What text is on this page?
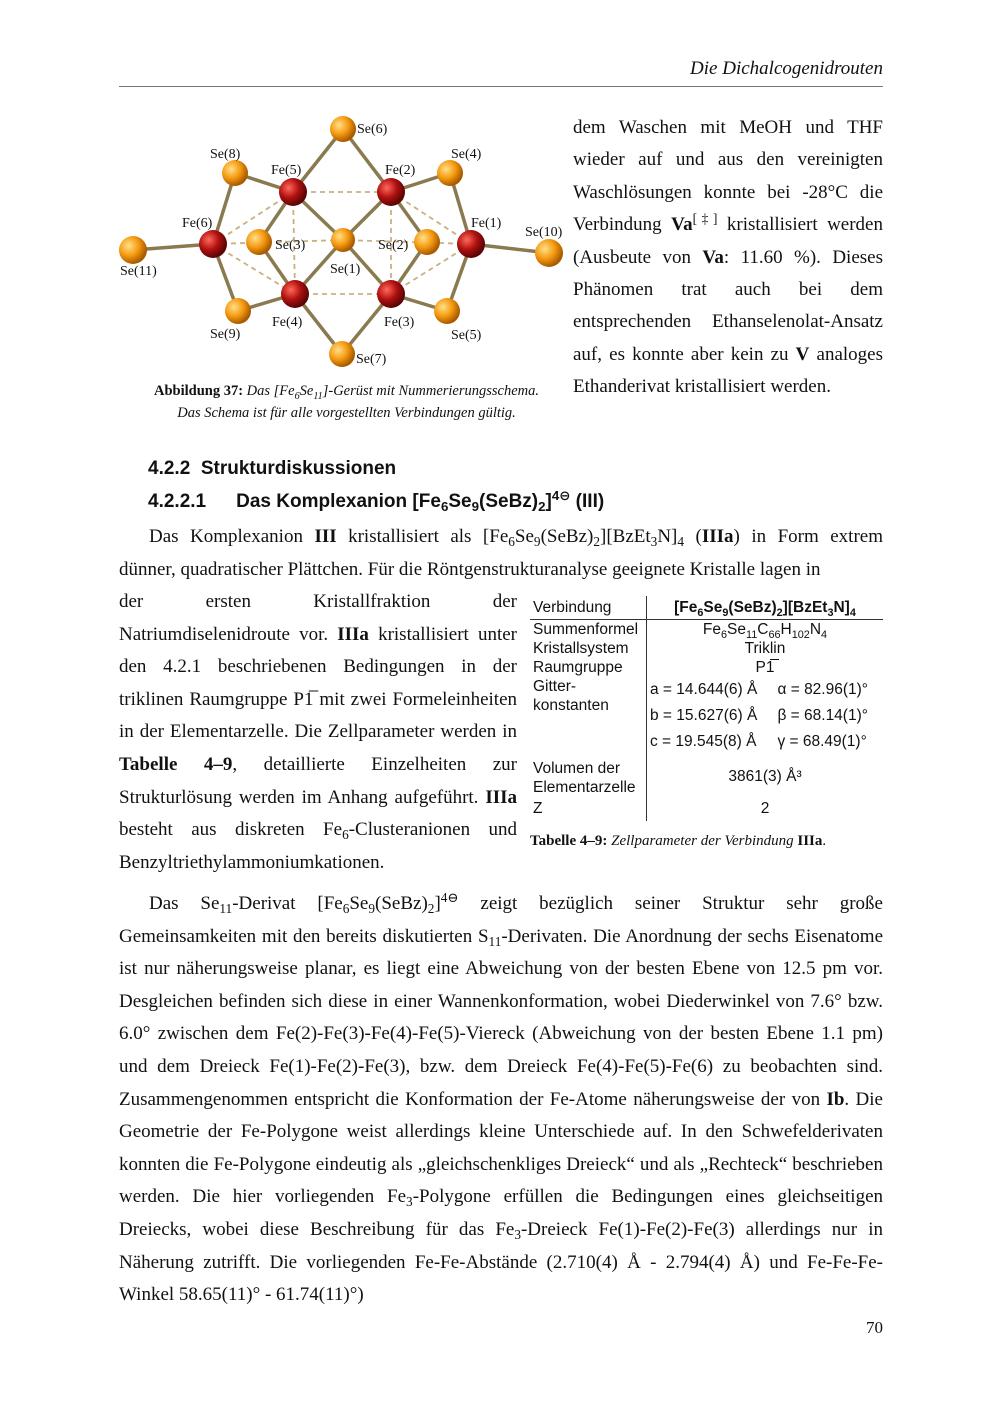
Die Dichalcogenidrouten
Se(6)
Se(8)	Se(4)
Fe(5)	Fe(2)
Fe(6)	Fe(1)
Se(10)
Se(11)
Se(3)	Se(2)
Se(1)
Fe(4)	Fe(3)
Se(9)	Se(5)
Se(7)
Abbildung 37: Das $[Fe_6Se_{11}]$-Gerüst mit Nummerierungsschema.
Das Schema ist für alle vorgestellten Verbindungen gültig.
dem Waschen mit MeOH und THF wieder auf und aus den vereinigten Waschlösungen konnte bei -28°C die Verbindung Va[‡] kristallisiert werden (Ausbeute von Va: 11.60 %). Dieses Phänomen trat auch bei dem entsprechenden Ethanselenolat-Ansatz auf, es konnte aber kein zu V analoges Ethanderivat kristallisiert werden.
4.2.2 Strukturdiskussionen
4.2.2.1 Das Komplexanion $[Fe_6Se_9(SeBz)_2]^{4⊖}$ (III)
Das Komplexanion III kristallisiert als $[Fe_6Se_9(SeBz)_2][BzEt_3N]_4$ (IIIa) in Form extrem dünner, quadratischer Plättchen. Für die Röntgenstrukturanalyse geeignete Kristalle lagen in
der ersten Kristallfraktion der Natriumdiselenidroute vor. IIIa kristallisiert unter den 4.2.1 beschriebenen Bedingungen in der triklinen Raumgruppe P1̅ mit zwei Formeleinheiten in der Elementarzelle. Die Zellparameter werden in Tabelle 4–9, detaillierte Einzelheiten zur Strukturlösung werden im Anhang aufgeführt. IIIa besteht aus diskreten $Fe_6$-Clusteranionen und Benzyltriethylammoniumkationen.
Verbindung	$[Fe_6Se_9(SeBz)_2][BzEt_3N]_4$
Summenformel	$Fe_6Se_{11}C_{66}H_{102}N_4$
Kristallsystem	Triklin	
Raumgruppe	P1̅	
Gitter-
konstanten	a = 14.644(6) Å	α = 82.96(1)°
	b = 15.627(6) Å	β = 68.14(1)°
	c = 19.545(8) Å	γ = 68.49(1)°
Volumen der
Elementarzelle	3861(3) Å³	
Z	2	
Tabelle 4–9: Zellparameter der Verbindung IIIa.
Das $Se_{11}$-Derivat $[Fe_6Se_9(SeBz)_2]^{4⊖}$ zeigt bezüglich seiner Struktur sehr große Gemeinsamkeiten mit den bereits diskutierten $S_{11}$-Derivaten. Die Anordnung der sechs Eisenatome ist nur näherungsweise planar, es liegt eine Abweichung von der besten Ebene von 12.5 pm vor. Desgleichen befinden sich diese in einer Wannenkonformation, wobei Diederwinkel von 7.6° bzw. 6.0° zwischen dem Fe(2)-Fe(3)-Fe(4)-Fe(5)-Viereck (Abweichung von der besten Ebene 1.1 pm) und dem Dreieck Fe(1)-Fe(2)-Fe(3), bzw. dem Dreieck Fe(4)-Fe(5)-Fe(6) zu beobachten sind. Zusammengenommen entspricht die Konformation der Fe-Atome näherungsweise der von Ib. Die Geometrie der Fe-Polygone weist allerdings kleine Unterschiede auf. In den Schwefelderivaten konnten die Fe-Polygone eindeutig als „gleichschenkliges Dreieck“ und als „Rechteck“ beschrieben werden. Die hier vorliegenden $Fe_3$-Polygone erfüllen die Bedingungen eines gleichseitigen Dreiecks, wobei diese Beschreibung für das $Fe_3$-Dreieck Fe(1)-Fe(2)-Fe(3) allerdings nur in Näherung zutrifft. Die vorliegenden Fe-Fe-Abstände (2.710(4) Å - 2.794(4) Å) und Fe-Fe-Fe-Winkel 58.65(11)° - 61.74(11)°)
70
